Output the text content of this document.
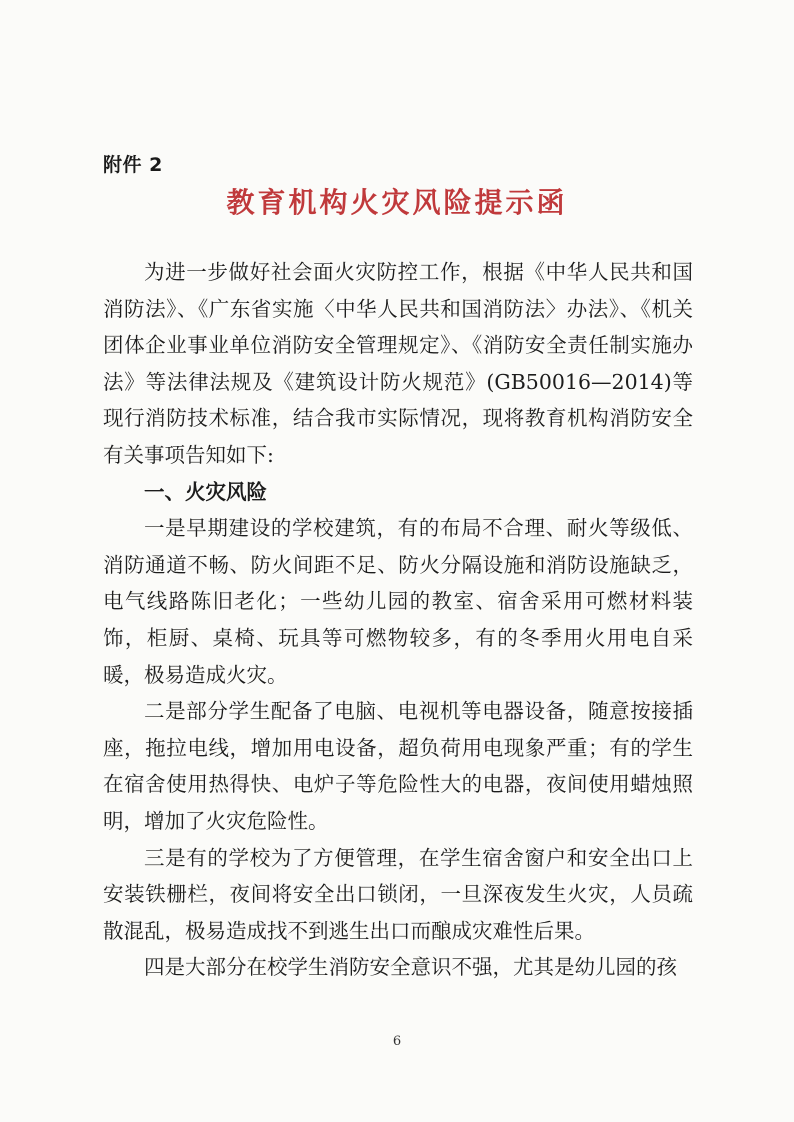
附件 2
教育机构火灾风险提示函

为进一步做好社会面火灾防控工作，根据《中华人民共和国消防法》、《广东省实施〈中华人民共和国消防法〉办法》、《机关团体企业事业单位消防安全管理规定》、《消防安全责任制实施办法》等法律法规及《建筑设计防火规范》(GB50016—2014)等现行消防技术标准，结合我市实际情况，现将教育机构消防安全有关事项告知如下:

一、火灾风险

一是早期建设的学校建筑，有的布局不合理、耐火等级低、消防通道不畅、防火间距不足、防火分隔设施和消防设施缺乏，电气线路陈旧老化；一些幼儿园的教室、宿舍采用可燃材料装饰，柜厨、桌椅、玩具等可燃物较多，有的冬季用火用电自采暖，极易造成火灾。

二是部分学生配备了电脑、电视机等电器设备，随意按接插座，拖拉电线，增加用电设备，超负荷用电现象严重；有的学生在宿舍使用热得快、电炉子等危险性大的电器，夜间使用蜡烛照明，增加了火灾危险性。

三是有的学校为了方便管理，在学生宿舍窗户和安全出口上安装铁栅栏，夜间将安全出口锁闭，一旦深夜发生火灾，人员疏散混乱，极易造成找不到逃生出口而酿成灾难性后果。

四是大部分在校学生消防安全意识不强，尤其是幼儿园的孩

6
